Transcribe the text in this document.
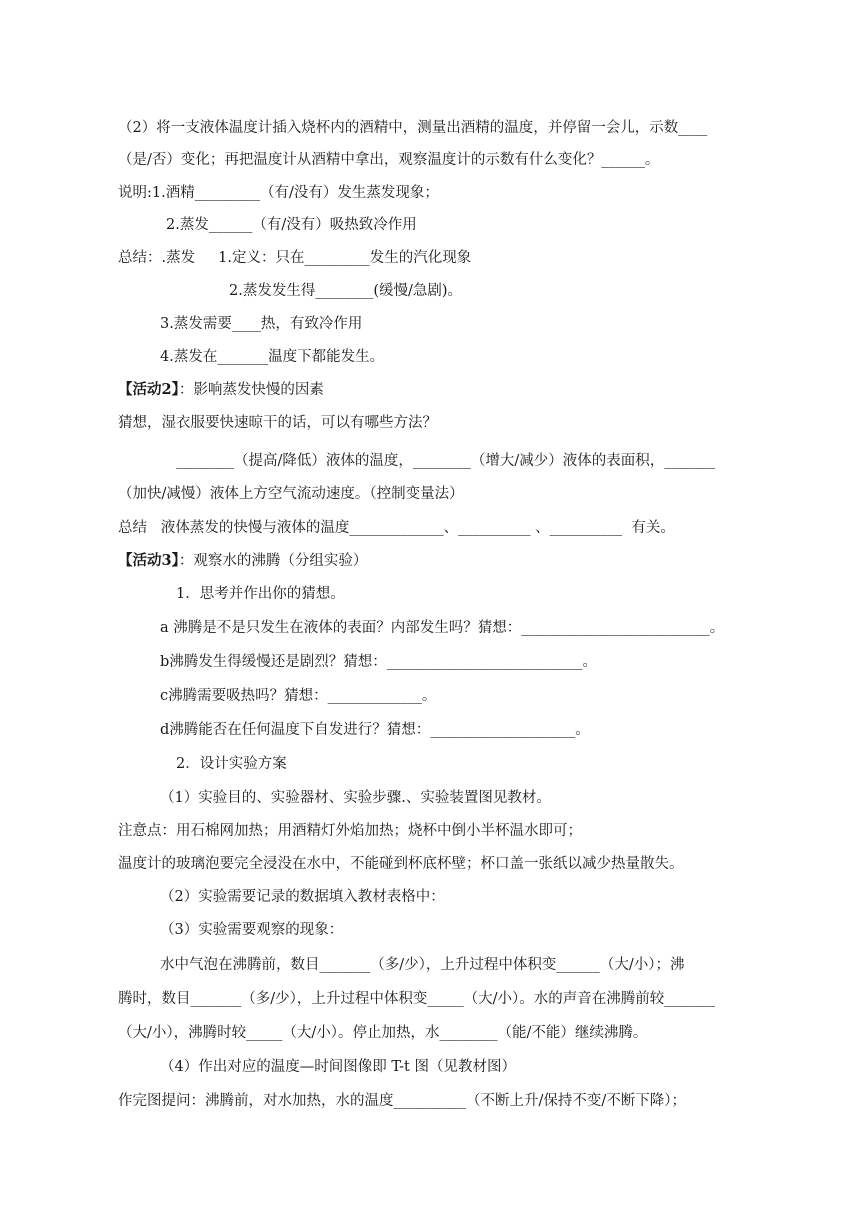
（2）将一支液体温度计插入烧杯内的酒精中，测量出酒精的温度，并停留一会儿，示数____
（是/否）变化；再把温度计从酒精中拿出，观察温度计的示数有什么变化？______。
说明:1.酒精_________（有/没有）发生蒸发现象；
2.蒸发______（有/没有）吸热致冷作用
总结：.蒸发     1.定义：只在_________发生的汽化现象
2.蒸发发生得________(缓慢/急剧)。
3.蒸发需要____热，有致冷作用
4.蒸发在_______温度下都能发生。
【活动2】：影响蒸发快慢的因素
猜想，湿衣服要快速晾干的话，可以有哪些方法？
________（提高/降低）液体的温度，________（增大/减少）液体的表面积，_______
（加快/减慢）液体上方空气流动速度。（控制变量法）
总结   液体蒸发的快慢与液体的温度_____________、__________ 、__________  有关。
【活动3】：观察水的沸腾（分组实验）
1．思考并作出你的猜想。
a 沸腾是不是只发生在液体的表面？内部发生吗？猜想：__________________________。
b沸腾发生得缓慢还是剧烈？猜想：___________________________。
c沸腾需要吸热吗？猜想：_____________。
d沸腾能否在任何温度下自发进行？猜想：____________________。
2．设计实验方案
（1）实验目的、实验器材、实验步骤.、实验装置图见教材。
注意点：用石棉网加热；用酒精灯外焰加热；烧杯中倒小半杯温水即可；
温度计的玻璃泡要完全浸没在水中，不能碰到杯底杯壁；杯口盖一张纸以减少热量散失。
（2）实验需要记录的数据填入教材表格中：
（3）实验需要观察的现象：
水中气泡在沸腾前，数目_______（多/少），上升过程中体积变______（大/小）；沸
腾时，数目_______（多/少），上升过程中体积变_____（大/小）。水的声音在沸腾前较_______
（大/小），沸腾时较_____（大/小）。停止加热，水________（能/不能）继续沸腾。
（4）作出对应的温度—时间图像即 T-t 图（见教材图）
作完图提问：沸腾前，对水加热，水的温度__________（不断上升/保持不变/不断下降）；
